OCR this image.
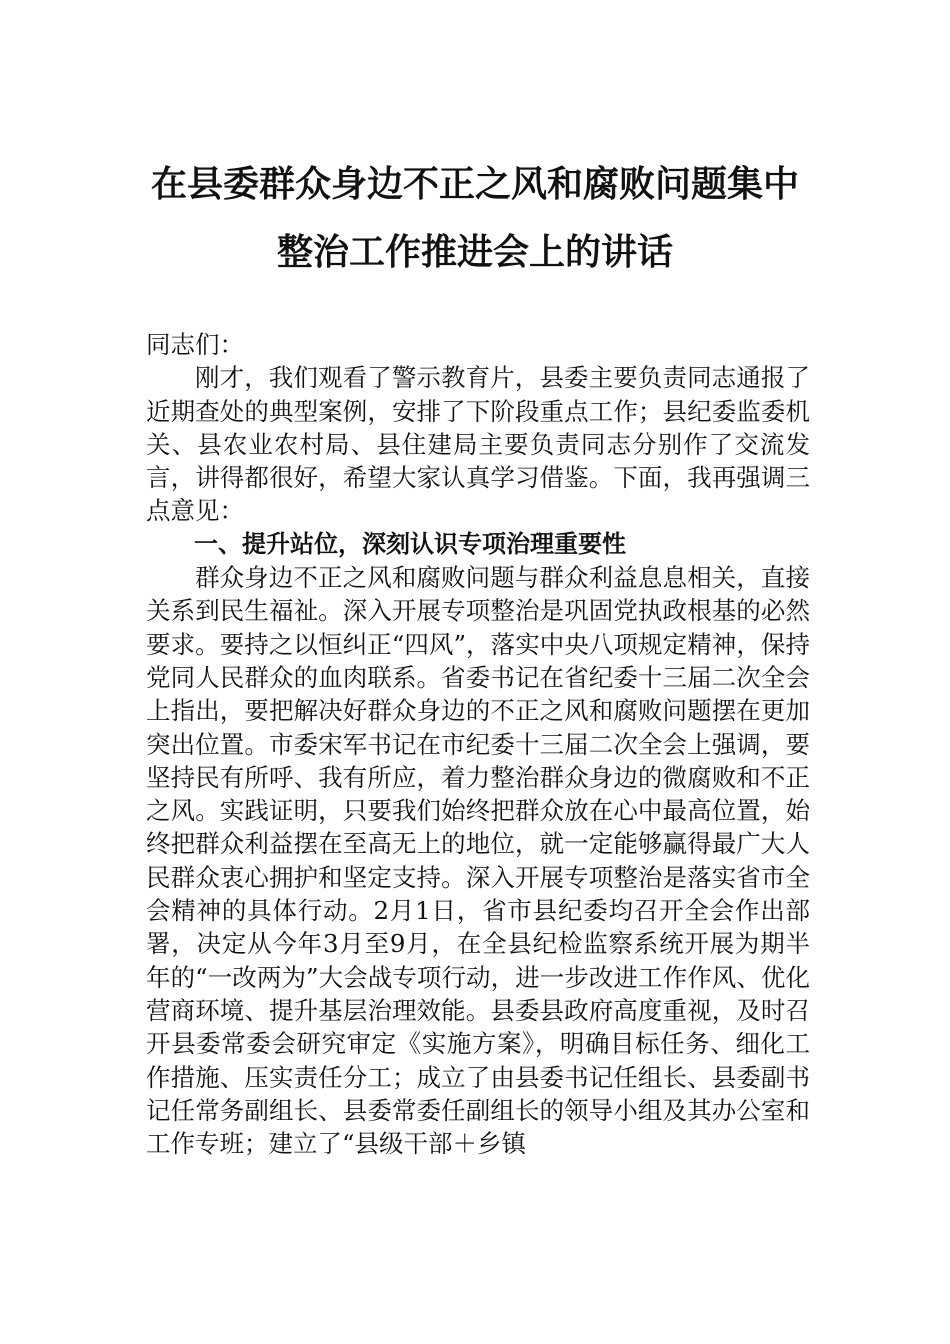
在县委群众身边不正之风和腐败问题集中
整治工作推进会上的讲话

同志们：

刚才，我们观看了警示教育片，县委主要负责同志通报了近期查处的典型案例，安排了下阶段重点工作；县纪委监委机关、县农业农村局、县住建局主要负责同志分别作了交流发言，讲得都很好，希望大家认真学习借鉴。下面，我再强调三点意见：

一、提升站位，深刻认识专项治理重要性

群众身边不正之风和腐败问题与群众利益息息相关，直接关系到民生福祉。深入开展专项整治是巩固党执政根基的必然要求。要持之以恒纠正“四风”，落实中央八项规定精神，保持党同人民群众的血肉联系。省委书记在省纪委十三届二次全会上指出，要把解决好群众身边的不正之风和腐败问题摆在更加突出位置。市委宋军书记在市纪委十三届二次全会上强调，要坚持民有所呼、我有所应，着力整治群众身边的微腐败和不正之风。实践证明，只要我们始终把群众放在心中最高位置，始终把群众利益摆在至高无上的地位，就一定能够赢得最广大人民群众衷心拥护和坚定支持。深入开展专项整治是落实省市全会精神的具体行动。2月1日，省市县纪委均召开全会作出部署，决定从今年3月至9月，在全县纪检监察系统开展为期半年的“一改两为”大会战专项行动，进一步改进工作作风、优化营商环境、提升基层治理效能。县委县政府高度重视，及时召开县委常委会研究审定《实施方案》，明确目标任务、细化工作措施、压实责任分工；成立了由县委书记任组长、县委副书记任常务副组长、县委常委任副组长的领导小组及其办公室和工作专班；建立了“县级干部＋乡镇
